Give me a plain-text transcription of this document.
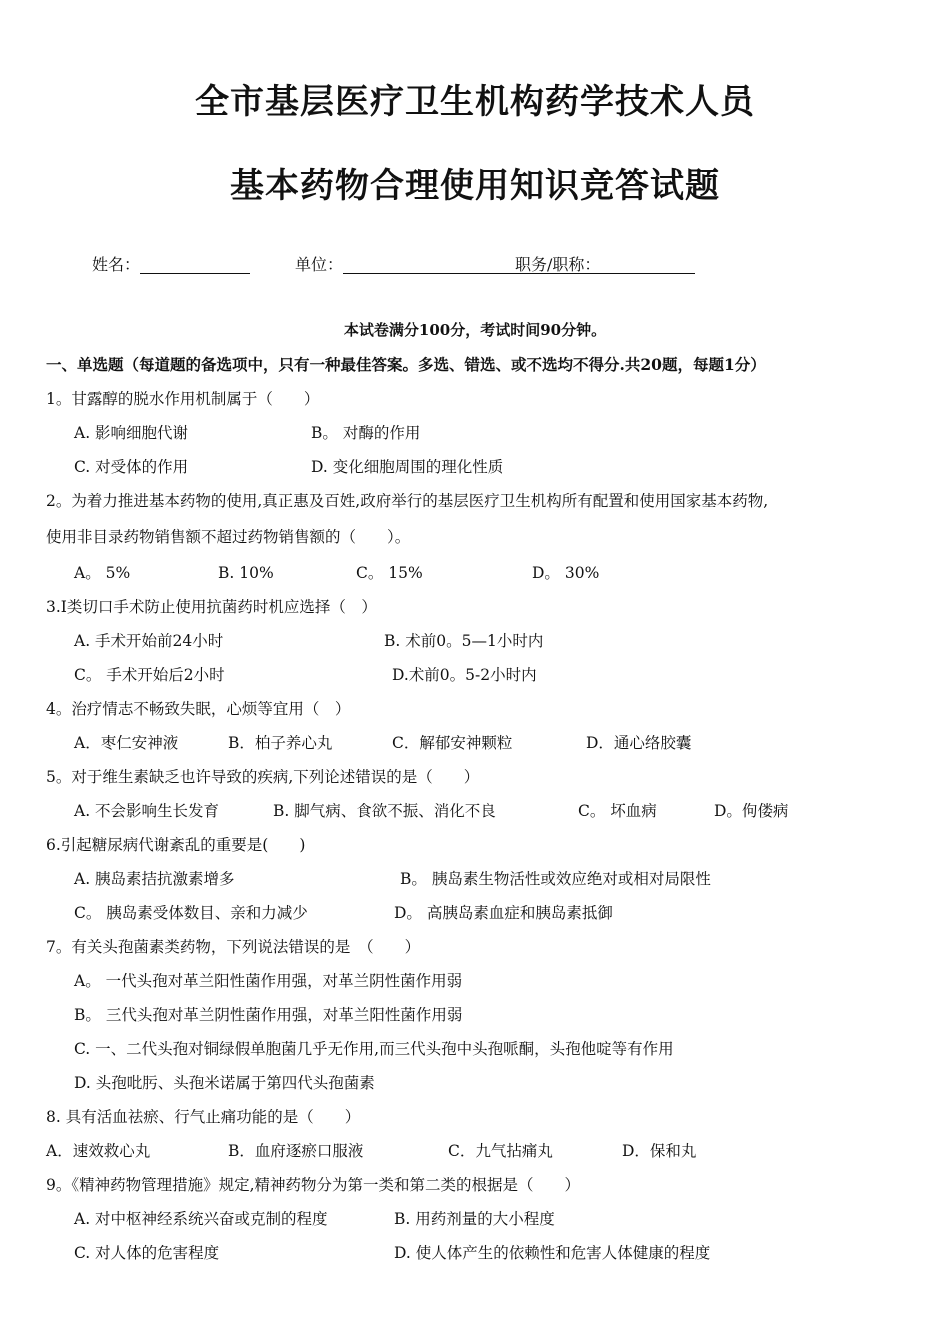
全市基层医疗卫生机构药学技术人员
基本药物合理使用知识竞答试题
姓名：	单位：	职务/职称：
本试卷满分100分，考试时间90分钟。
一、单选题（每道题的备选项中，只有一种最佳答案。多选、错选、或不选均不得分.共20题，每题1分）
1。甘露醇的脱水作用机制属于（　　）
A. 影响细胞代谢	B。 对酶的作用
C. 对受体的作用	D. 变化细胞周围的理化性质
2。为着力推进基本药物的使用,真正惠及百姓,政府举行的基层医疗卫生机构所有配置和使用国家基本药物,
使用非目录药物销售额不超过药物销售额的（　　）。
A。 5%	B. 10%	C。 15%	D。 30%
3.Ⅰ类切口手术防止使用抗菌药时机应选择（　）
A. 手术开始前24小时	B. 术前0。5—1小时内
C。 手术开始后2小时	D.术前0。5-2小时内
4。治疗情志不畅致失眠，心烦等宜用（　）
A．枣仁安神液	B．柏子养心丸	C．解郁安神颗粒	D．通心络胶囊
5。对于维生素缺乏也许导致的疾病,下列论述错误的是（　　）
A. 不会影响生长发育	B. 脚气病、食欲不振、消化不良	C。 坏血病	D。佝偻病
6.引起糖尿病代谢紊乱的重要是(　　)
A. 胰岛素拮抗激素增多	B。 胰岛素生物活性或效应绝对或相对局限性
C。 胰岛素受体数目、亲和力减少	D。 高胰岛素血症和胰岛素抵御
7。有关头孢菌素类药物，下列说法错误的是　（　　）
A。 一代头孢对革兰阳性菌作用强，对革兰阴性菌作用弱
B。 三代头孢对革兰阴性菌作用强，对革兰阳性菌作用弱
C. 一、二代头孢对铜绿假单胞菌几乎无作用,而三代头孢中头孢哌酮，头孢他啶等有作用
D. 头孢吡肟、头孢米诺属于第四代头孢菌素
8. 具有活血祛瘀、行气止痛功能的是（　　）
A．速效救心丸	B．血府逐瘀口服液	C．九气拈痛丸	D．保和丸
9。《精神药物管理措施》规定,精神药物分为第一类和第二类的根据是（　　）
A. 对中枢神经系统兴奋或克制的程度	B. 用药剂量的大小程度
C. 对人体的危害程度	D. 使人体产生的依赖性和危害人体健康的程度
